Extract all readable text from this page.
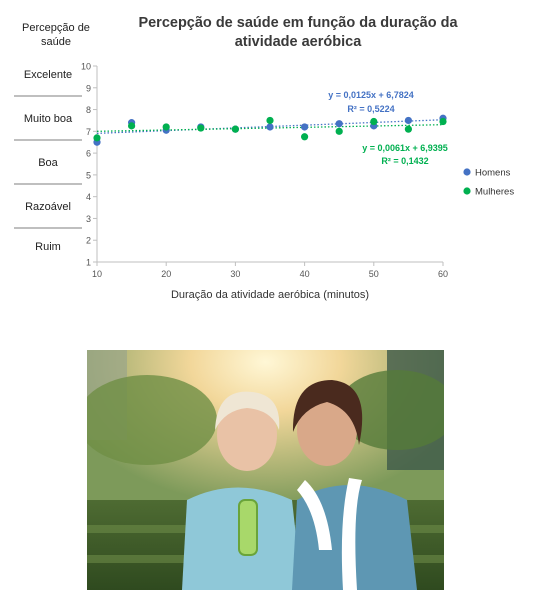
Excelente
Muito boa
Boa
Razoável
Ruim
Percepção de saúde
Percepção de saúde em função da duração da atividade aeróbica
1
2
3
4
5
6
7
8
9
10
10	20	30	40	50	60
y = 0,0125x + 6,7824
R² = 0,5224
y = 0,0061x + 6,9395
R² = 0,1432
Homens
Mulheres
Duração da atividade aeróbica (minutos)
